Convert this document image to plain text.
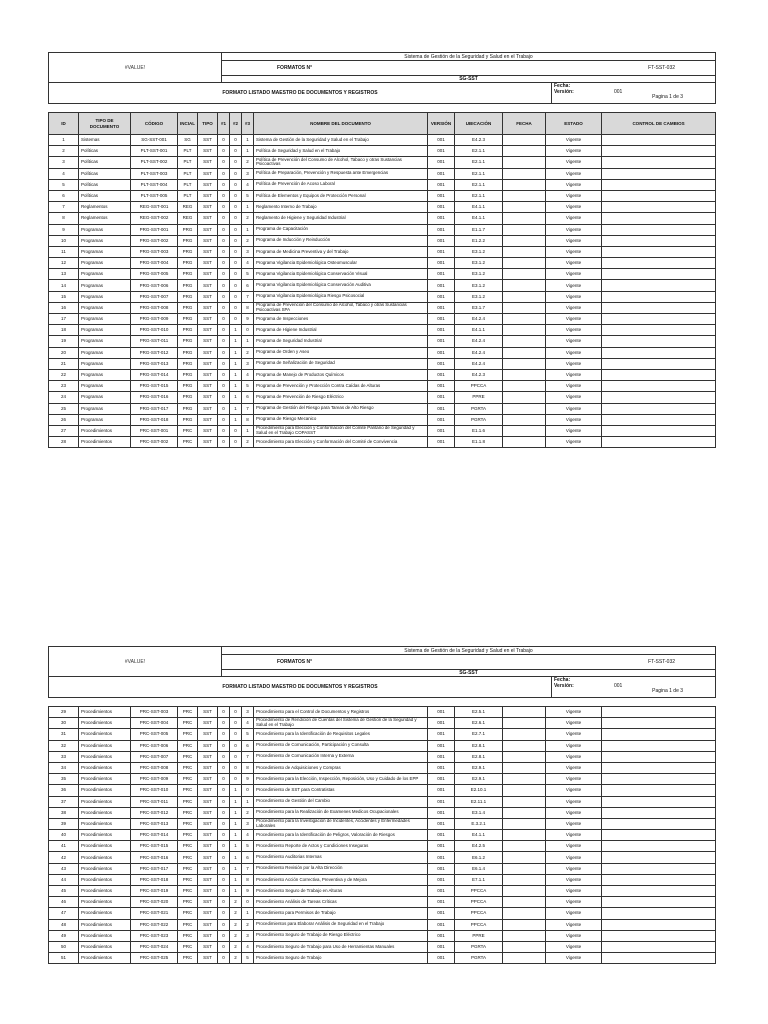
#VALUE!	Sistema de Gestión de la Seguridad y Salud en el Trabajo	
	FORMATOS N°	FT-SST-032
	SG-SST	
FORMATO LISTADO MAESTRO DE DOCUMENTOS Y REGISTROS		Fecha:
Versión: 001
Pagina 1 de 3

ID	TIPO DE DOCUMENTO	CÓDIGO	INCIAL	TIPO	#1	#2	#3	NOMBRE DEL DOCUMENTO	VERSIÓN	UBICACIÓN	FECHA	ESTADO	CONTROL DE CAMBIOS
1	Sistemas	SG-SST-001	SG	SST	0	0	1	Sistema de Gestión de la Seguridad y Salud en el Trabajo	001	E4.2.3		Vigente	
2	Políticas	PLT-SST-001	PLT	SST	0	0	1	Política de Seguridad y Salud en el Trabajo	001	E2.1.1		Vigente	
3	Políticas	PLT-SST-002	PLT	SST	0	0	2	Política de Prevención del Consumo de Alcohol, Tabaco y otras Sustancias Psicoactivas	001	E2.1.1		Vigente	
4	Políticas	PLT-SST-003	PLT	SST	0	0	3	Política de Preparación, Prevención y Respuesta ante Emergencias	001	E2.1.1		Vigente	
5	Políticas	PLT-SST-004	PLT	SST	0	0	4	Política de Prevención de Acoso Laboral	001	E2.1.1		Vigente	
6	Políticas	PLT-SST-005	PLT	SST	0	0	5	Política de Elementos y Equipos de Protección Personal	001	E2.1.1		Vigente	
7	Reglamentos	REG-SST-001	REG	SST	0	0	1	Reglamento Interno de Trabajo	001	E4.1.1		Vigente	
8	Reglamentos	REG-SST-002	REG	SST	0	0	2	Reglamento de Higiene y Seguridad Industrial	001	E4.1.1		Vigente	
9	Programas	PRG-SST-001	PRG	SST	0	0	1	Programa de Capacitación	001	E1.1.7		Vigente	
10	Programas	PRG-SST-002	PRG	SST	0	0	2	Programa de Inducción y Reinducción	001	E1.2.2		Vigente	
11	Programas	PRG-SST-003	PRG	SST	0	0	3	Programa de Medicina Preventiva y del Trabajo	001	E3.1.2		Vigente	
12	Programas	PRG-SST-004	PRG	SST	0	0	4	Programa Vigilancia Epidemiológica Osteomuscular	001	E3.1.2		Vigente	
13	Programas	PRG-SST-005	PRG	SST	0	0	5	Programa Vigilancia Epidemiológica Conservación Visual	001	E3.1.2		Vigente	
14	Programas	PRG-SST-006	PRG	SST	0	0	6	Programa Vigilancia Epidemiológica Conservación Auditiva	001	E3.1.2		Vigente	
15	Programas	PRG-SST-007	PRG	SST	0	0	7	Programa Vigilancia Epidemiológica Riesgo Psicosocial	001	E3.1.2		Vigente	
16	Programas	PRG-SST-008	PRG	SST	0	0	8	Programa de Prevención del Consumo de Alcohol, Tabaco y otras Sustancias Psicoactivas SPA	001	E3.1.7		Vigente	
17	Programas	PRG-SST-009	PRG	SST	0	0	9	Programa de Inspecciones	001	E4.2.4		Vigente	
18	Programas	PRG-SST-010	PRG	SST	0	1	0	Programa de Higiene Industrial	001	E4.1.1		Vigente	
19	Programas	PRG-SST-011	PRG	SST	0	1	1	Programa de Seguridad Industrial	001	E4.2.4		Vigente	
20	Programas	PRG-SST-012	PRG	SST	0	1	2	Programa de Orden y Aseo	001	E4.2.4		Vigente	
21	Programas	PRG-SST-013	PRG	SST	0	1	3	Programa de Señalización de Seguridad	001	E4.2.4		Vigente	
22	Programas	PRG-SST-014	PRG	SST	0	1	4	Programa de Manejo de Productos Químicos	001	E4.2.3		Vigente	
23	Programas	PRG-SST-015	PRG	SST	0	1	5	Programa de Prevención y Protección Contra Caídas de Alturas	001	PPCCA		Vigente	
24	Programas	PRG-SST-016	PRG	SST	0	1	6	Programa de Prevención de Riesgo Eléctrico	001	PPRE		Vigente	
25	Programas	PRG-SST-017	PRG	SST	0	1	7	Programa de Gestión del Riesgo para Tareas de Alto Riesgo	001	PGRTA		Vigente	
26	Programas	PRG-SST-018	PRG	SST	0	1	8	Programa de Riesgo Mecanico	001	PGRTA		Vigente	
27	Procedimientos	PRC-SST-001	PRC	SST	0	0	1	Procedimiento para Elección y Conformación del Comité Paritario de Seguridad y Salud en el Trabajo COPASST	001	E1.1.6		Vigente	
28	Procedimientos	PRC-SST-002	PRC	SST	0	0	2	Procedimiento para Elección y Conformación del Comité de Convivencia	001	E1.1.8		Vigente	
#VALUE!	Sistema de Gestión de la Seguridad y Salud en el Trabajo	
	FORMATOS N°	FT-SST-032
	SG-SST	
FORMATO LISTADO MAESTRO DE DOCUMENTOS Y REGISTROS		Fecha:
Versión: 001
Pagina 1 de 3

29	Procedimientos	PRC-SST-003	PRC	SST	0	0	3	Procedimiento para el Control de Documentos y Registros	001	E2.5.1		Vigente	
30	Procedimientos	PRC-SST-004	PRC	SST	0	0	4	Procedimiento de Rendición de Cuentas del Sistema de Gestión de la Seguridad y Salud en el Trabajo	001	E2.6.1		Vigente	
31	Procedimientos	PRC-SST-005	PRC	SST	0	0	5	Procedimiento para la Identificación de Requisitos Legales	001	E2.7.1		Vigente	
32	Procedimientos	PRC-SST-006	PRC	SST	0	0	6	Procedimiento de Comunicación, Participación y Consulta	001	E2.8.1		Vigente	
33	Procedimientos	PRC-SST-007	PRC	SST	0	0	7	Procedimiento de Comunicación Interna y Externa	001	E2.8.1		Vigente	
34	Procedimientos	PRC-SST-008	PRC	SST	0	0	8	Procedimiento de Adquisiciones y Compras	001	E2.9.1		Vigente	
35	Procedimientos	PRC-SST-009	PRC	SST	0	0	9	Procedimiento para la Elección, Inspección, Reposición, Uso y Cuidado de los EPP	001	E2.9.1		Vigente	
36	Procedimientos	PRC-SST-010	PRC	SST	0	1	0	Procedimiento de SST para Contratistas	001	E2.10.1		Vigente	
37	Procedimientos	PRC-SST-011	PRC	SST	0	1	1	Procedimiento de Gestión del Cambio	001	E2.11.1		Vigente	
38	Procedimientos	PRC-SST-012	PRC	SST	0	1	2	Procedimiento para la Realización de Examenes Medicos Ocupacionales	001	E3.1.4		Vigente	
39	Procedimientos	PRC-SST-013	PRC	SST	0	1	3	Procedimiento para la Investigación de Incidentes, Accidentes y Enfermedades Laborales	001	E.3.2.1		Vigente	
40	Procedimientos	PRC-SST-014	PRC	SST	0	1	4	Procedimiento para la Identificación de Peligros, Valoración de Riesgos	001	E4.1.1		Vigente	
41	Procedimientos	PRC-SST-015	PRC	SST	0	1	5	Procedimiento Reporte de Actos y Condiciones Inseguras	001	E4.2.5		Vigente	
42	Procedimientos	PRC-SST-016	PRC	SST	0	1	6	Procedimiento Auditorias Internas	001	E6.1.2		Vigente	
43	Procedimientos	PRC-SST-017	PRC	SST	0	1	7	Procedimiento Revisión por la Alta Dirección	001	E6.1.4		Vigente	
44	Procedimientos	PRC-SST-018	PRC	SST	0	1	8	Procedimiento Acción Correctiva, Preventiva y de Mejora	001	E7.1.1		Vigente	
45	Procedimientos	PRC-SST-019	PRC	SST	0	1	9	Procedimiento Seguro de Trabajo en Alturas	001	PPCCA		Vigente	
46	Procedimientos	PRC-SST-020	PRC	SST	0	2	0	Procedimiento Análisis de Tareas Críticas	001	PPCCA		Vigente	
47	Procedimientos	PRC-SST-021	PRC	SST	0	2	1	Procedimiento para Permisos de Trabajo	001	PPCCA		Vigente	
48	Procedimientos	PRC-SST-022	PRC	SST	0	2	2	Procedimientos para Elaborar Análisis de Seguridad en el Trabajo	001	PPCCA		Vigente	
49	Procedimientos	PRC-SST-023	PRC	SST	0	2	3	Procedimiento Seguro de Trabajo de Riesgo Eléctrico	001	PPRE		Vigente	
50	Procedimientos	PRC-SST-024	PRC	SST	0	2	4	Procedimiento Seguro de Trabajo para Uso de Herramientas Manuales	001	PGRTA		Vigente	
51	Procedimientos	PRC-SST-025	PRC	SST	0	2	5	Procedimiento Seguro de Trabajo	001	PGRTA		Vigente	
